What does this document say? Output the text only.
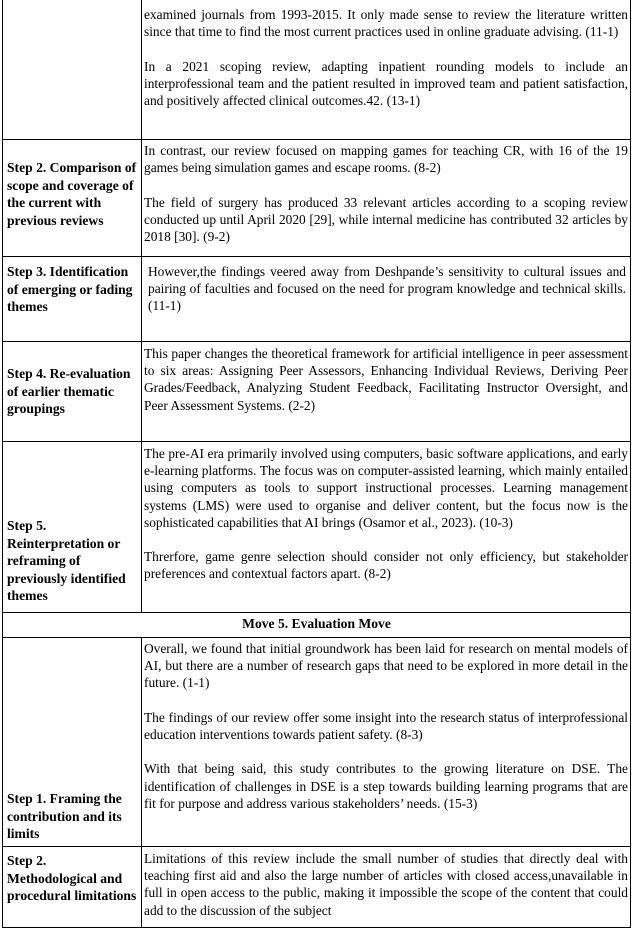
examined journals from 1993-2015. It only made sense to review the literature written since that time to find the most current practices used in online graduate advising. (11-1)

In a 2021 scoping review, adapting inpatient rounding models to include an interprofessional team and the patient resulted in improved team and patient satisfaction, and positively affected clinical outcomes.42. (13-1)

Step 2. Comparison of scope and coverage of the current with previous reviews

In contrast, our review focused on mapping games for teaching CR, with 16 of the 19 games being simulation games and escape rooms. (8-2)

The field of surgery has produced 33 relevant articles according to a scoping review conducted up until April 2020 [29], while internal medicine has contributed 32 articles by 2018 [30]. (9-2)

Step 3. Identification of emerging or fading themes

However,the findings veered away from Deshpande’s sensitivity to cultural issues and pairing of faculties and focused on the need for program knowledge and technical skills. (11-1)

Step 4. Re-evaluation of earlier thematic groupings

This paper changes the theoretical framework for artificial intelligence in peer assessment to six areas: Assigning Peer Assessors, Enhancing Individual Reviews, Deriving Peer Grades/Feedback, Analyzing Student Feedback, Facilitating Instructor Oversight, and Peer Assessment Systems. (2-2)

Step 5. Reinterpretation or reframing of previously identified themes

The pre-AI era primarily involved using computers, basic software applications, and early e-learning platforms. The focus was on computer-assisted learning, which mainly entailed using computers as tools to support instructional processes. Learning management systems (LMS) were used to organise and deliver content, but the focus now is the sophisticated capabilities that AI brings (Osamor et al., 2023). (10-3)

Threrfore, game genre selection should consider not only efficiency, but stakeholder preferences and contextual factors apart. (8-2)

Move 5. Evaluation Move
Step 1. Framing the contribution and its limits

Overall, we found that initial groundwork has been laid for research on mental models of AI, but there are a number of research gaps that need to be explored in more detail in the future. (1-1)

The findings of our review offer some insight into the research status of interprofessional education interventions towards patient safety. (8-3)

With that being said, this study contributes to the growing literature on DSE. The identification of challenges in DSE is a step towards building learning programs that are fit for purpose and address various stakeholders’ needs. (15-3)

Step 2. Methodological and procedural limitations

Limitations of this review include the small number of studies that directly deal with teaching first aid and also the large number of articles with closed access,unavailable in full in open access to the public, making it impossible the scope of the content that could add to the discussion of the subject
